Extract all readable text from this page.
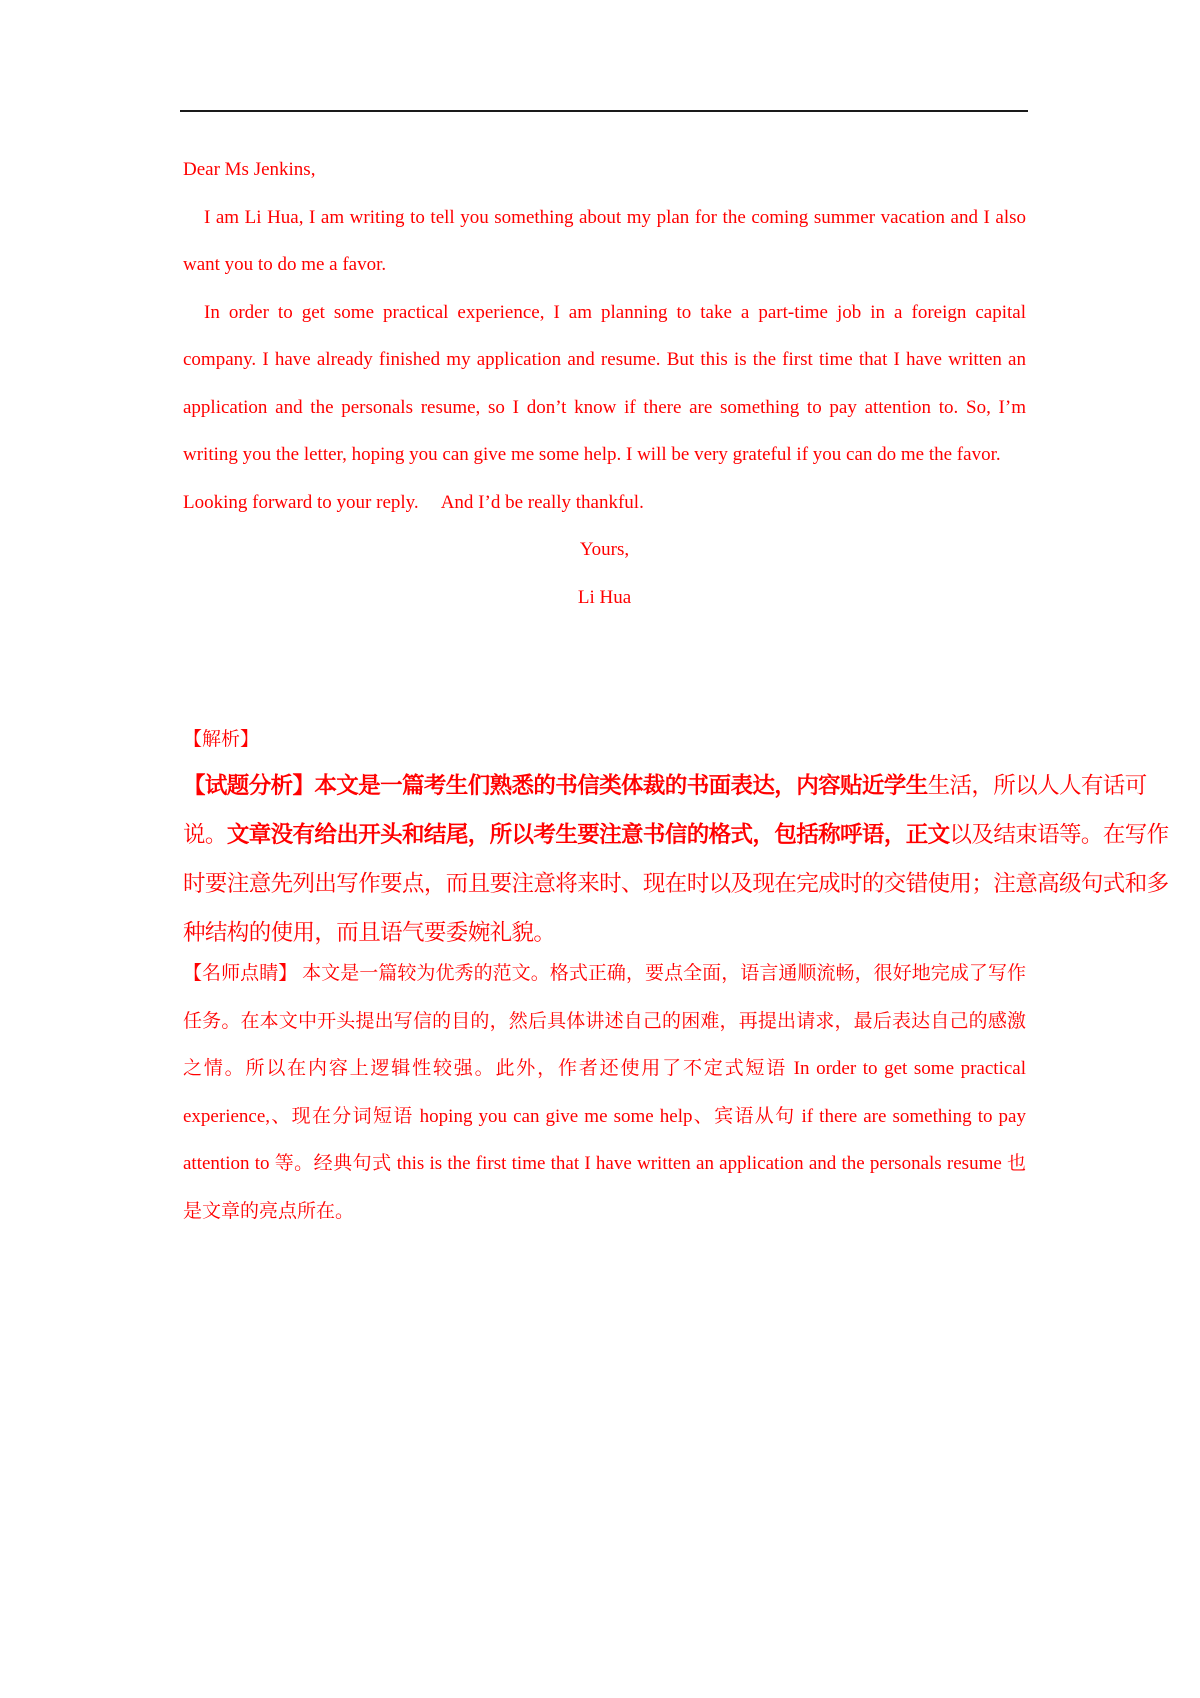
Dear Ms Jenkins,

I am Li Hua, I am writing to tell you something about my plan for the coming summer vacation and I also want you to do me a favor.

In order to get some practical experience, I am planning to take a part-time job in a foreign capital company. I have already finished my application and resume. But this is the first time that I have written an application and the personals resume, so I don’t know if there are something to pay attention to. So, I’m writing you the letter, hoping you can give me some help. I will be very grateful if you can do me the favor.

Looking forward to your reply. And I’d be really thankful.

Yours,

Li Hua

【解析】

【试题分析】本文是一篇考生们熟悉的书信类体裁的书面表达，内容贴近学生生活，所以人人有话可说。文章没有给出开头和结尾，所以考生要注意书信的格式，包括称呼语，正文以及结束语等。在写作时要注意先列出写作要点，而且要注意将来时、现在时以及现在完成时的交错使用；注意高级句式和多种结构的使用，而且语气要委婉礼貌。

【名师点睛】 本文是一篇较为优秀的范文。格式正确，要点全面，语言通顺流畅，很好地完成了写作任务。在本文中开头提出写信的目的，然后具体讲述自己的困难，再提出请求，最后表达自己的感激之情。所以在内容上逻辑性较强。此外，作者还使用了不定式短语 In order to get some practical experience,、现在分词短语 hoping you can give me some help、宾语从句 if there are something to pay attention to 等。经典句式 this is the first time that I have written an application and the personals resume 也是文章的亮点所在。
